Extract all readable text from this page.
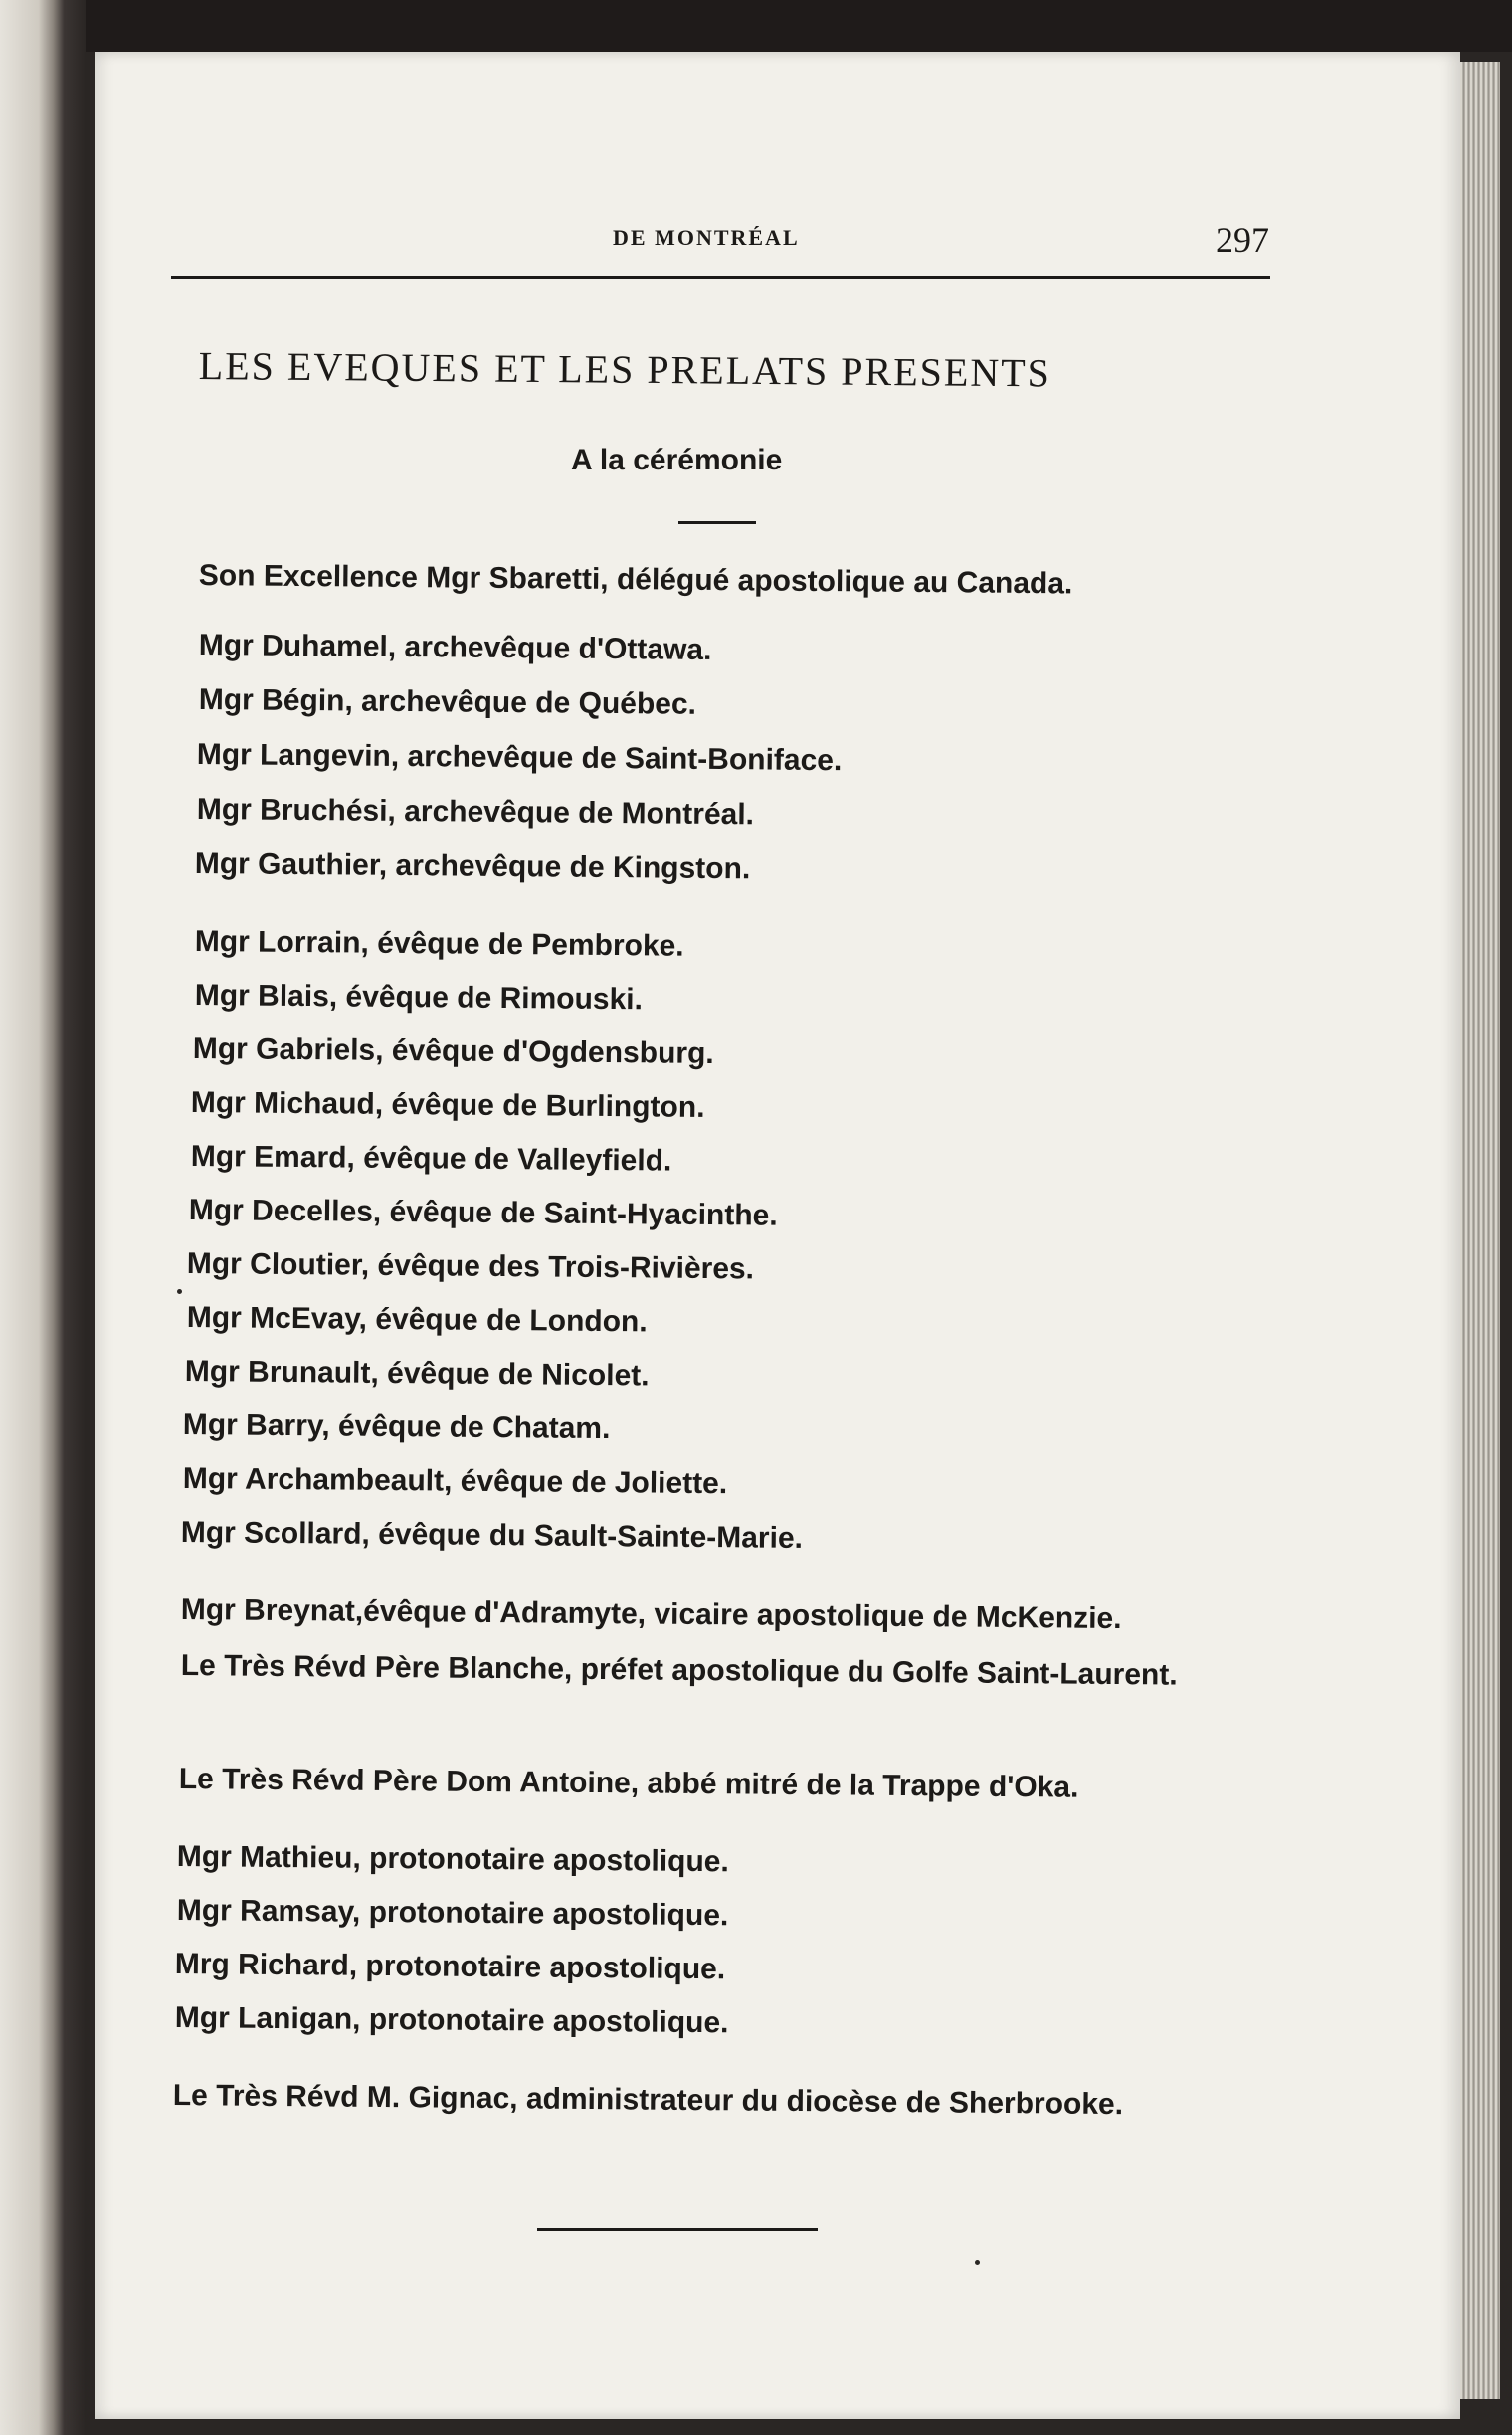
DE MONTRÉAL	297
LES EVEQUES ET LES PRELATS PRESENTS
A la cérémonie

Son Excellence Mgr Sbaretti, délégué apostolique au Canada.

Mgr Duhamel, archevêque d'Ottawa.

Mgr Bégin, archevêque de Québec.

Mgr Langevin, archevêque de Saint-Boniface.

Mgr Bruchési, archevêque de Montréal.

Mgr Gauthier, archevêque de Kingston.

Mgr Lorrain, évêque de Pembroke.

Mgr Blais, évêque de Rimouski.

Mgr Gabriels, évêque d'Ogdensburg.

Mgr Michaud, évêque de Burlington.

Mgr Emard, évêque de Valleyfield.

Mgr Decelles, évêque de Saint-Hyacinthe.

Mgr Cloutier, évêque des Trois-Rivières.

Mgr McEvay, évêque de London.

Mgr Brunault, évêque de Nicolet.

Mgr Barry, évêque de Chatam.

Mgr Archambeault, évêque de Joliette.

Mgr Scollard, évêque du Sault-Sainte-Marie.

Mgr Breynat,évêque d'Adramyte, vicaire apostolique de McKenzie.

Le Très Révd Père Blanche, préfet apostolique du Golfe Saint-Laurent.

Le Très Révd Père Dom Antoine, abbé mitré de la Trappe d'Oka.

Mgr Mathieu, protonotaire apostolique.

Mgr Ramsay, protonotaire apostolique.

Mrg Richard, protonotaire apostolique.

Mgr Lanigan, protonotaire apostolique.

Le Très Révd M. Gignac, administrateur du diocèse de Sherbrooke.
